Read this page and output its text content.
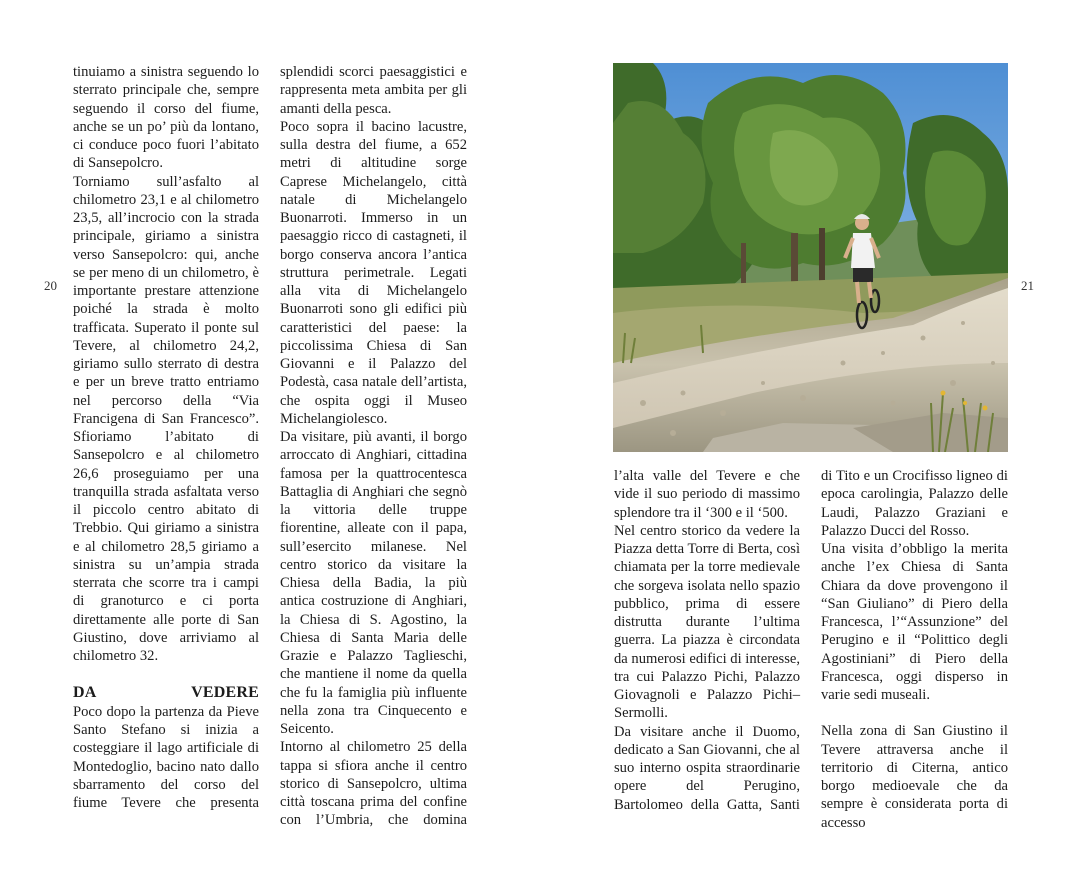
20	21

tinuiamo a sinistra seguendo lo sterrato principale che, sempre seguendo il corso del fiume, anche se un po’ più da lontano, ci conduce poco fuori l’abitato di Sansepolcro.

Torniamo sull’asfalto al chilometro 23,1 e al chilometro 23,5, all’incrocio con la strada principale, giriamo a sinistra verso Sansepolcro: qui, anche se per meno di un chilometro, è importante prestare attenzione poiché la strada è molto trafficata. Superato il ponte sul Tevere, al chilometro 24,2, giriamo sullo sterrato di destra e per un breve tratto entriamo nel percorso della “Via Francigena di San Francesco”. Sfioriamo l’abitato di Sansepolcro e al chilometro 26,6 proseguiamo per una tranquilla strada asfaltata verso il piccolo centro abitato di Trebbio. Qui giriamo a sinistra e al chilometro 28,5 giriamo a sinistra su un’ampia strada sterrata che scorre tra i campi di granoturco e ci porta direttamente alle porte di San Giustino, dove arriviamo al chilometro 32.

DA VEDERE

Poco dopo la partenza da Pieve Santo Stefano si inizia a costeggiare il lago artificiale di Montedoglio, bacino nato dallo sbarramento del corso del fiume Tevere che presenta

splendidi scorci paesaggistici e rappresenta meta ambita per gli amanti della pesca.

Poco sopra il bacino lacustre, sulla destra del fiume, a 652 metri di altitudine sorge Caprese Michelangelo, città natale di Michelangelo Buonarroti. Immerso in un paesaggio ricco di castagneti, il borgo conserva ancora l’antica struttura perimetrale. Legati alla vita di Michelangelo Buonarroti sono gli edifici più caratteristici del paese: la piccolissima Chiesa di San Giovanni e il Palazzo del Podestà, casa natale dell’artista, che ospita oggi il Museo Michelangiolesco.

Da visitare, più avanti, il borgo arroccato di Anghiari, cittadina famosa per la quattrocentesca Battaglia di Anghiari che segnò la vittoria delle truppe fiorentine, alleate con il papa, sull’esercito milanese. Nel centro storico da visitare la Chiesa della Badia, la più antica costruzione di Anghiari, la Chiesa di S. Agostino, la Chiesa di Santa Maria delle Grazie e Palazzo Taglieschi, che mantiene il nome da quella che fu la famiglia più influente nella zona tra Cinquecento e Seicento.

Intorno al chilometro 25 della tappa si sfiora anche il centro storico di Sansepolcro, ultima città toscana prima del confine con l’Umbria, che domina

l’alta valle del Tevere e che vide il suo periodo di massimo splendore tra il ‘300 e il ‘500.

Nel centro storico da vedere la Piazza detta Torre di Berta, così chiamata per la torre medievale che sorgeva isolata nello spazio pubblico, prima di essere distrutta durante l’ultima guerra. La piazza è circondata da numerosi edifici di interesse, tra cui Palazzo Pichi, Palazzo Giovagnoli e Palazzo Pichi–Sermolli.

Da visitare anche il Duomo, dedicato a San Giovanni, che al suo interno ospita straordinarie opere del Perugino, Bartolomeo della Gatta, Santi

di Tito e un Crocifisso ligneo di epoca carolingia, Palazzo delle Laudi, Palazzo Graziani e Palazzo Ducci del Rosso.

Una visita d’obbligo la merita anche l’ex Chiesa di Santa Chiara da dove provengono il “San Giuliano” di Piero della Francesca, l’“Assunzione” del Perugino e il “Polittico degli Agostiniani” di Piero della Francesca, oggi disperso in varie sedi museali.

Nella zona di San Giustino il Tevere attraversa anche il territorio di Citerna, antico borgo medioevale che da sempre è considerata porta di accesso
